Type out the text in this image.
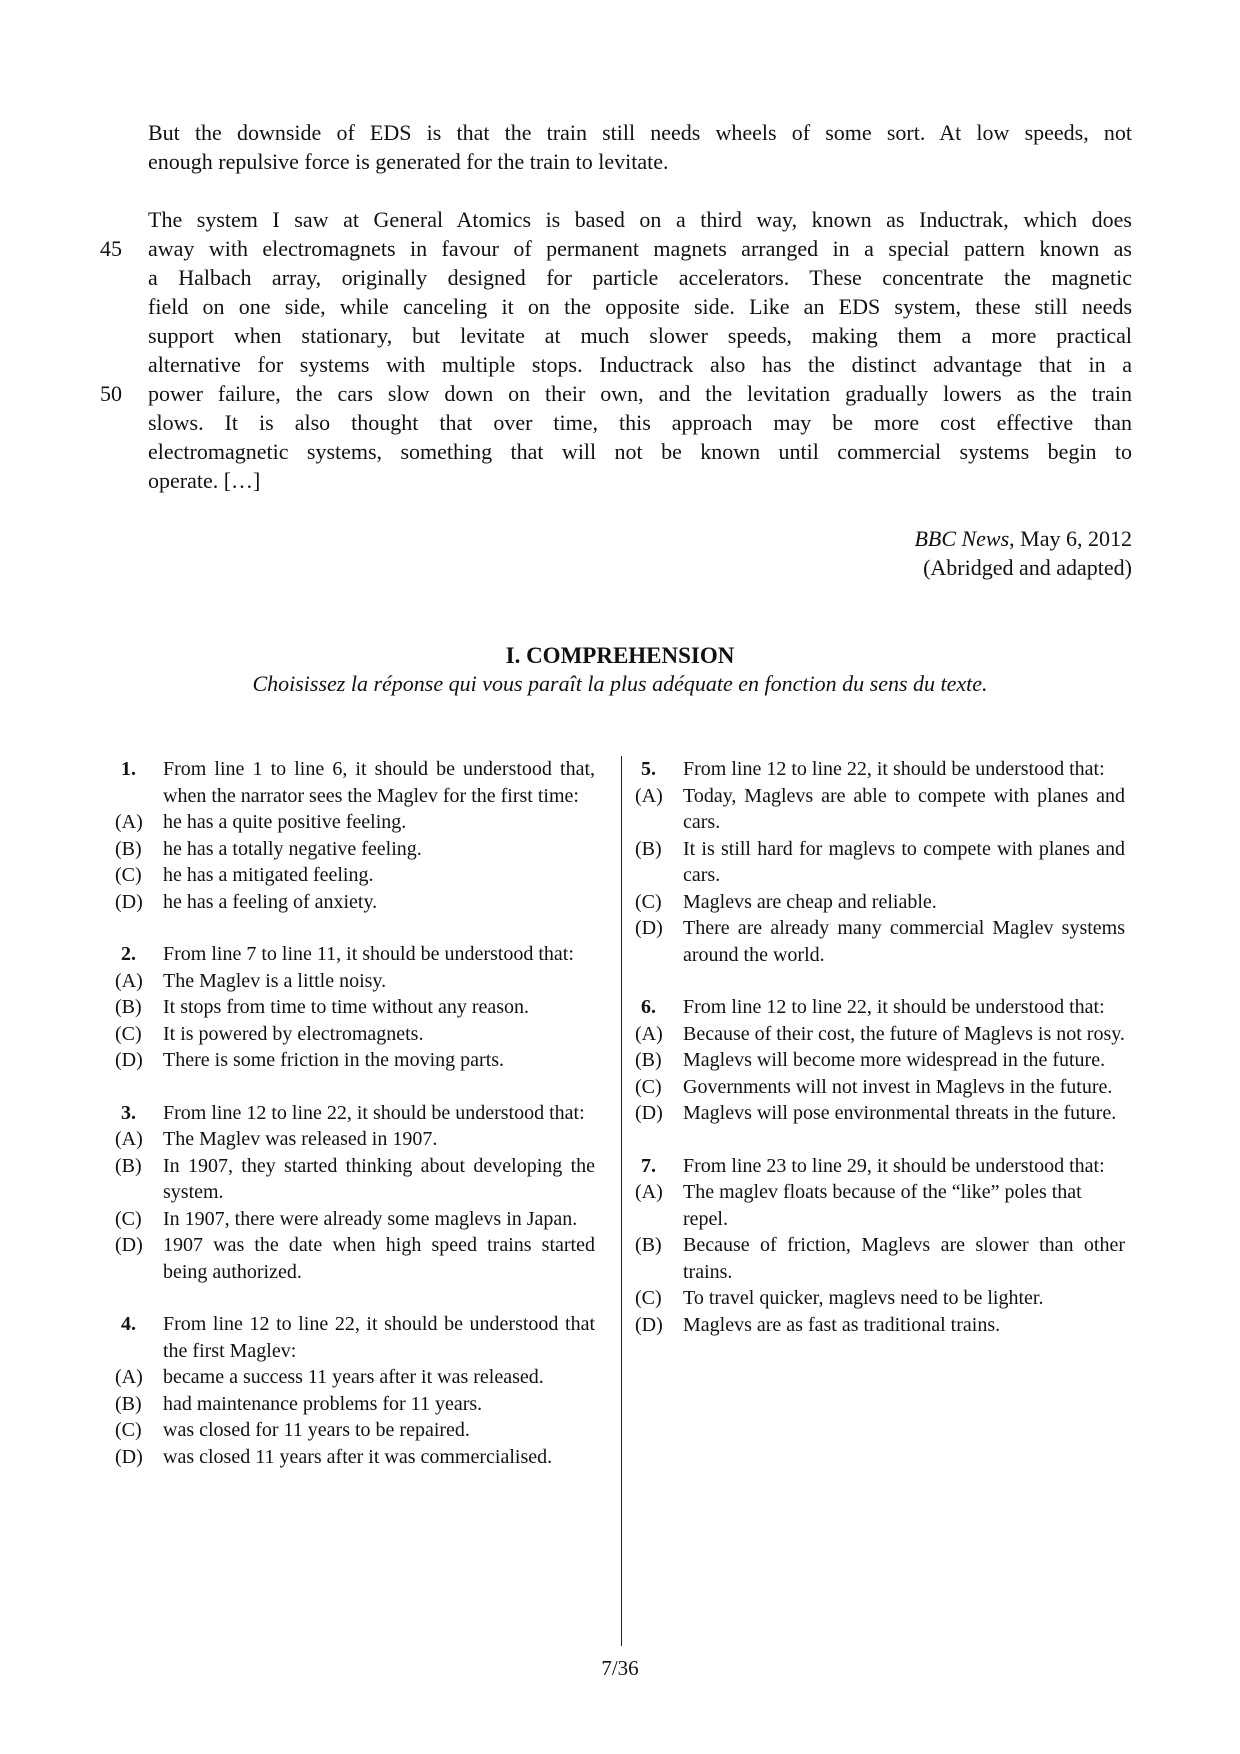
But the downside of EDS is that the train still needs wheels of some sort. At low speeds, not
enough repulsive force is generated for the train to levitate.
The system I saw at General Atomics is based on a third way, known as Inductrak, which does
away with electromagnets in favour of permanent magnets arranged in a special pattern known as
a Halbach array, originally designed for particle accelerators. These concentrate the magnetic
field on one side, while canceling it on the opposite side. Like an EDS system, these still needs
support when stationary, but levitate at much slower speeds, making them a more practical
alternative for systems with multiple stops. Inductrack also has the distinct advantage that in a
power failure, the cars slow down on their own, and the levitation gradually lowers as the train
slows. It is also thought that over time, this approach may be more cost effective than
electromagnetic systems, something that will not be known until commercial systems begin to
operate. […]
45
50
BBC News, May 6, 2012
(Abridged and adapted)
I. COMPREHENSION
Choisissez la réponse qui vous paraît la plus adéquate en fonction du sens du texte.
1.	From line 1 to line 6, it should be understood that, when the narrator sees the Maglev for the first time:
(A)	he has a quite positive feeling.
(B)	he has a totally negative feeling.
(C)	he has a mitigated feeling.
(D)	he has a feeling of anxiety.
2.	From line 7 to line 11, it should be understood that:
(A)	The Maglev is a little noisy.
(B)	It stops from time to time without any reason.
(C)	It is powered by electromagnets.
(D)	There is some friction in the moving parts.
3.	From line 12 to line 22, it should be understood that:
(A)	The Maglev was released in 1907.
(B)	In 1907, they started thinking about developing the system.
(C)	In 1907, there were already some maglevs in Japan.
(D)	1907 was the date when high speed trains started being authorized.
4.	From line 12 to line 22, it should be understood that the first Maglev:
(A)	became a success 11 years after it was released.
(B)	had maintenance problems for 11 years.
(C)	was closed for 11 years to be repaired.
(D)	was closed 11 years after it was commercialised.
5.	From line 12 to line 22, it should be understood that:
(A)	Today, Maglevs are able to compete with planes and cars.
(B)	It is still hard for maglevs to compete with planes and cars.
(C)	Maglevs are cheap and reliable.
(D)	There are already many commercial Maglev systems around the world.
6.	From line 12 to line 22, it should be understood that:
(A)	Because of their cost, the future of Maglevs is not rosy.
(B)	Maglevs will become more widespread in the future.
(C)	Governments will not invest in Maglevs in the future.
(D)	Maglevs will pose environmental threats in the future.
7.	From line 23 to line 29, it should be understood that:
(A)	The maglev floats because of the “like” poles that repel.
(B)	Because of friction, Maglevs are slower than other trains.
(C)	To travel quicker, maglevs need to be lighter.
(D)	Maglevs are as fast as traditional trains.
7/36
